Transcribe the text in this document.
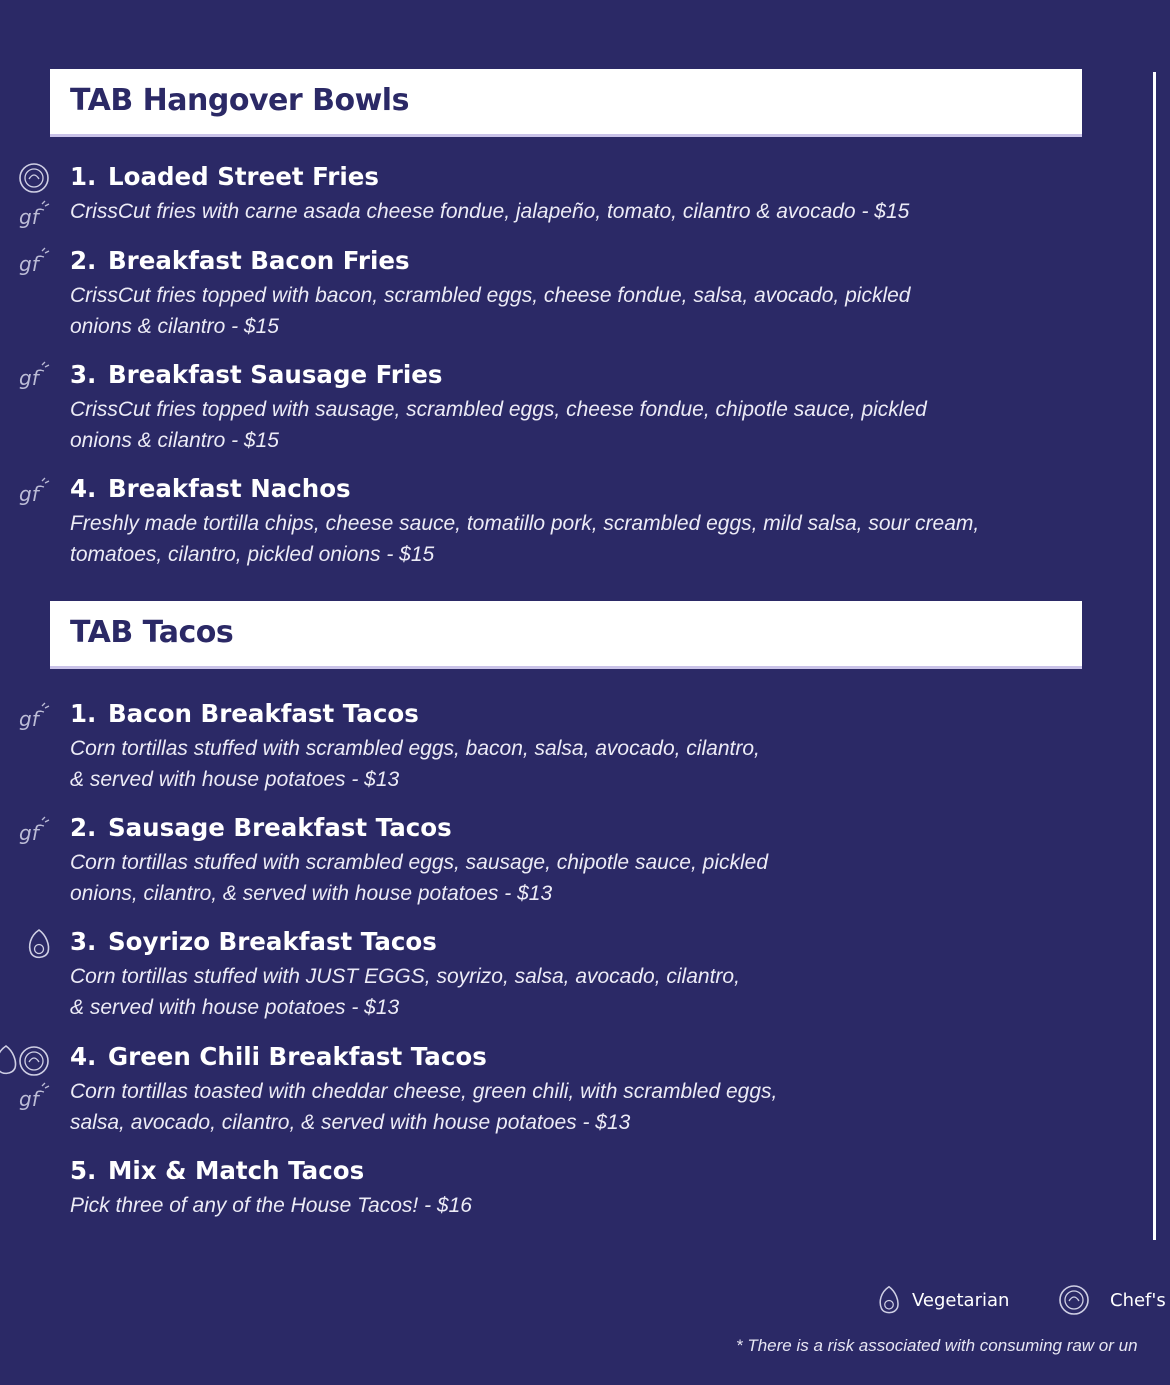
TAB Hangover Bowls
1. Loaded Street Fries
CrissCut fries with carne asada cheese fondue, jalapeño, tomato, cilantro & avocado - $15
2. Breakfast Bacon Fries
CrissCut fries topped with bacon, scrambled eggs, cheese fondue, salsa, avocado, pickled
onions & cilantro - $15
3. Breakfast Sausage Fries
CrissCut fries topped with sausage, scrambled eggs, cheese fondue, chipotle sauce, pickled
onions & cilantro - $15
4. Breakfast Nachos
Freshly made tortilla chips, cheese sauce, tomatillo pork, scrambled eggs, mild salsa, sour cream,
tomatoes, cilantro, pickled onions - $15
TAB Tacos
1. Bacon Breakfast Tacos
Corn tortillas stuffed with scrambled eggs, bacon, salsa, avocado, cilantro,
& served with house potatoes - $13
2. Sausage Breakfast Tacos
Corn tortillas stuffed with scrambled eggs, sausage, chipotle sauce, pickled
onions, cilantro, & served with house potatoes - $13
3. Soyrizo Breakfast Tacos
Corn tortillas stuffed with JUST EGGS, soyrizo, salsa, avocado, cilantro,
& served with house potatoes - $13
4. Green Chili Breakfast Tacos
Corn tortillas toasted with cheddar cheese, green chili, with scrambled eggs,
salsa, avocado, cilantro, & served with house potatoes - $13
5. Mix & Match Tacos
Pick three of any of the House Tacos! - $16
gf
gf
gf
gf
gf
gf
gf
Vegetarian	Chef's
* There is a risk associated with consuming raw or un
